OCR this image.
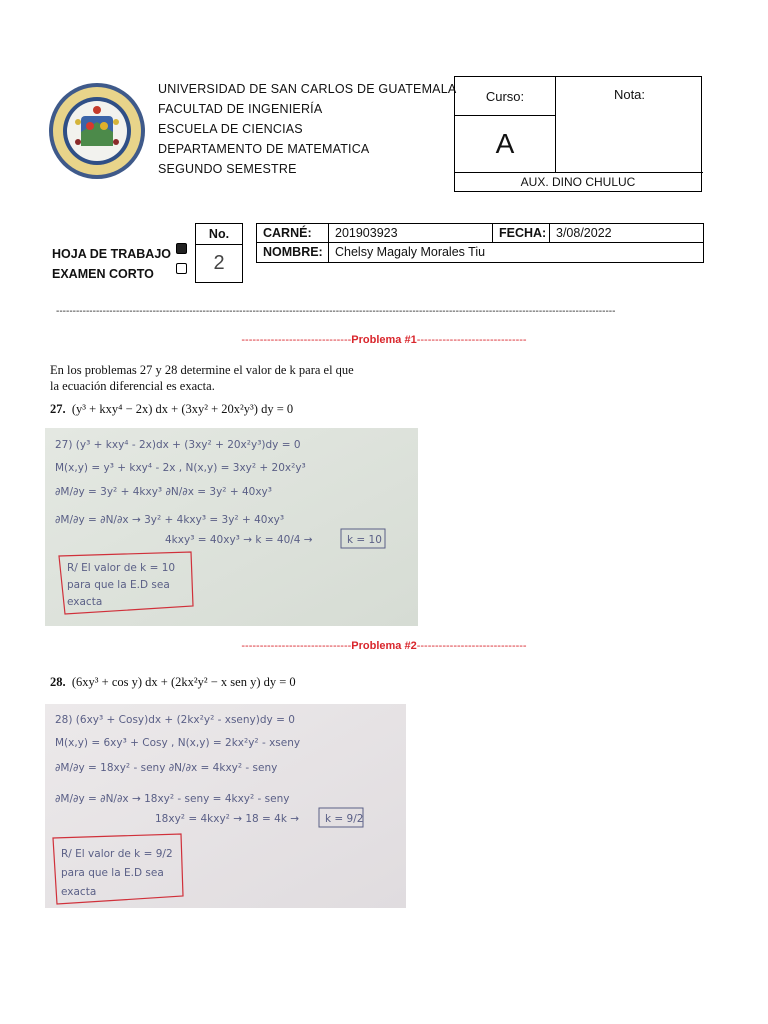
UNIVERSIDAD DE SAN CARLOS DE GUATEMALA
FACULTAD DE INGENIERÍA
ESCUELA DE CIENCIAS
DEPARTAMENTO DE MATEMATICA
SEGUNDO SEMESTRE
Curso:
A
Nota:
AUX. DINO CHULUC
HOJA DE TRABAJO
EXAMEN CORTO
No.
2
CARNÉ:	201903923	FECHA: 3/08/2022
NOMBRE: Chelsy Magaly Morales Tiu
------------------------------------------------------------------------------------------------------------------------------------------------------------------------
------------------------------Problema #1------------------------------
En los problemas 27 y 28 determine el valor de k para el que
la ecuación diferencial es exacta.
27. (y³ + kxy⁴ − 2x) dx + (3xy² + 20x²y³) dy = 0
27) (y³ + kxy⁴ - 2x)dx + (3xy² + 20x²y³)dy = 0
M(x,y) = y³ + kxy⁴ - 2x , N(x,y) = 3xy² + 20x²y³
∂M/∂y = 3y² + 4kxy³ ∂N/∂x = 3y² + 40xy³
∂M/∂y = ∂N/∂x → 3y² + 4kxy³ = 3y² + 40xy³
4kxy³ = 40xy³ → k = 40/4 →	k = 10
R/ El valor de k = 10
para que la E.D sea
exacta
------------------------------Problema #2------------------------------
28. (6xy³ + cos y) dx + (2kx²y² − x sen y) dy = 0
28) (6xy³ + Cosy)dx + (2kx²y² - xseny)dy = 0
M(x,y) = 6xy³ + Cosy , N(x,y) = 2kx²y² - xseny
∂M/∂y = 18xy² - seny ∂N/∂x = 4kxy² - seny
∂M/∂y = ∂N/∂x → 18xy² - seny = 4kxy² - seny
18xy² = 4kxy² → 18 = 4k → k = 9/2
R/ El valor de k = 9/2
para que la E.D sea
exacta
